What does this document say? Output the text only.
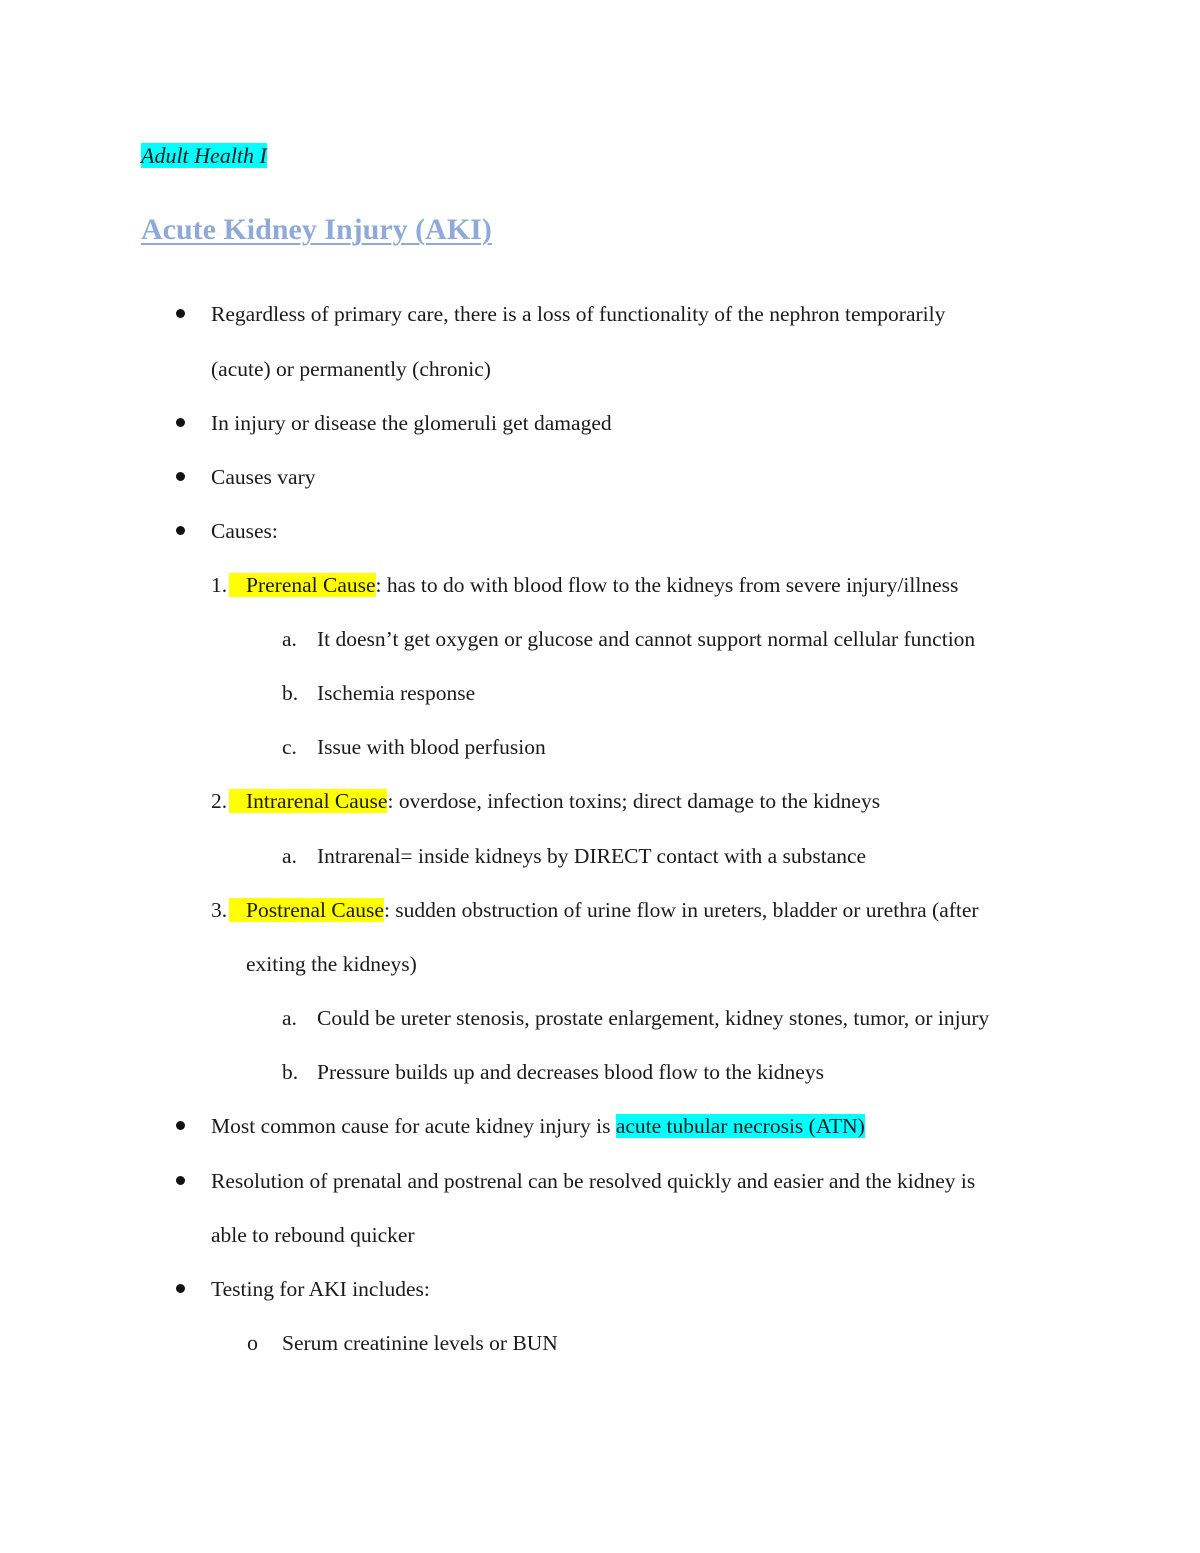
Adult Health I
Acute Kidney Injury (AKI)
Regardless of primary care, there is a loss of functionality of the nephron temporarily
(acute) or permanently (chronic)
In injury or disease the glomeruli get damaged
Causes vary
Causes:
1. Prerenal Cause: has to do with blood flow to the kidneys from severe injury/illness
a. It doesn’t get oxygen or glucose and cannot support normal cellular function
b. Ischemia response
c. Issue with blood perfusion
2. Intrarenal Cause: overdose, infection toxins; direct damage to the kidneys
a. Intrarenal= inside kidneys by DIRECT contact with a substance
3. Postrenal Cause: sudden obstruction of urine flow in ureters, bladder or urethra (after
exiting the kidneys)
a. Could be ureter stenosis, prostate enlargement, kidney stones, tumor, or injury
b. Pressure builds up and decreases blood flow to the kidneys
Most common cause for acute kidney injury is acute tubular necrosis (ATN)
Resolution of prenatal and postrenal can be resolved quickly and easier and the kidney is
able to rebound quicker
Testing for AKI includes:
o Serum creatinine levels or BUN
